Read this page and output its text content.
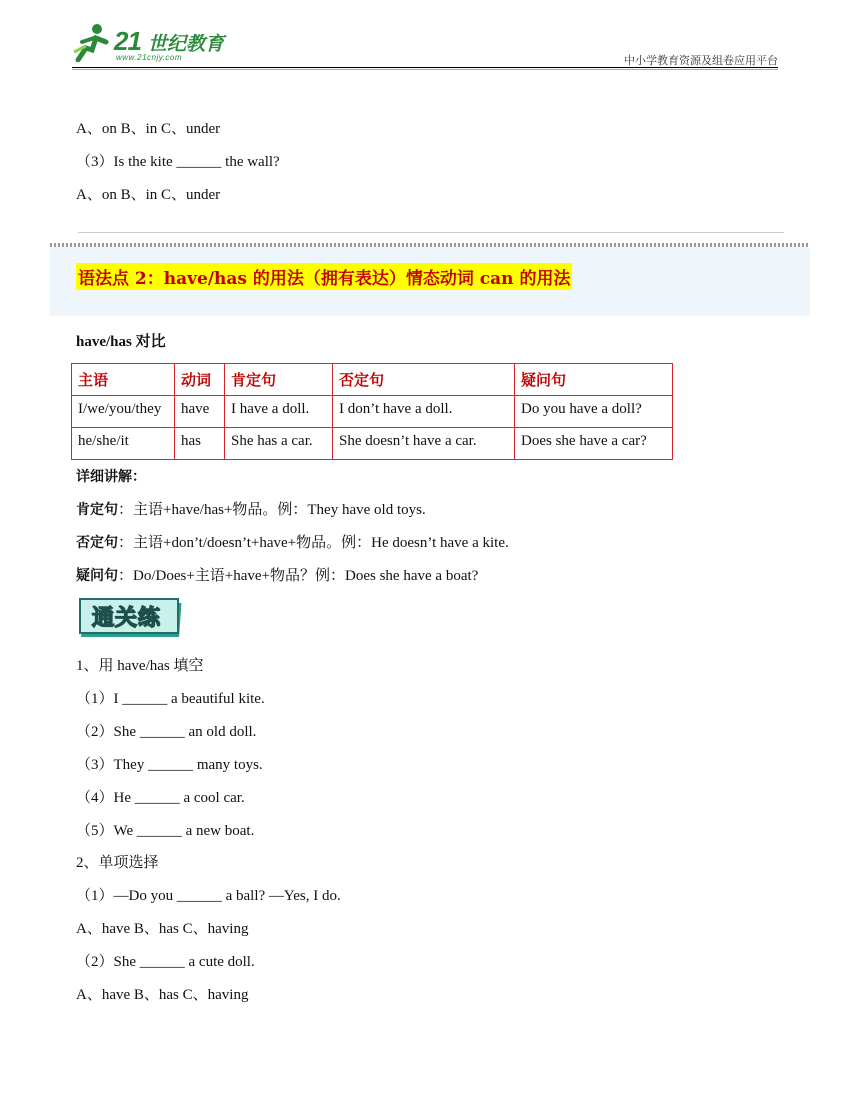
21 世纪教育
www.21cnjy.com	中小学教育资源及组卷应用平台
A、on B、in C、under
（3）Is the kite ______ the wall?
A、on B、in C、under
语法点 2：have/has 的用法（拥有表达）情态动词 can 的用法
have/has 对比
主语	动词	肯定句	否定句	疑问句
I/we/you/they	have	I have a doll.	I don’t have a doll.	Do you have a doll?
he/she/it	has	She has a car.	She doesn’t have a car.	Does she have a car?
详细讲解：
肯定句：主语+have/has+物品。例：They have old toys.
否定句：主语+don’t/doesn’t+have+物品。例：He doesn’t have a kite.
疑问句：Do/Does+主语+have+物品？例：Does she have a boat?
通关练
1、用 have/has 填空
（1）I ______ a beautiful kite.
（2）She ______ an old doll.
（3）They ______ many toys.
（4）He ______ a cool car.
（5）We ______ a new boat.
2、单项选择
（1）—Do you ______ a ball? —Yes, I do.
A、have B、has C、having
（2）She ______ a cute doll.
A、have B、has C、having
